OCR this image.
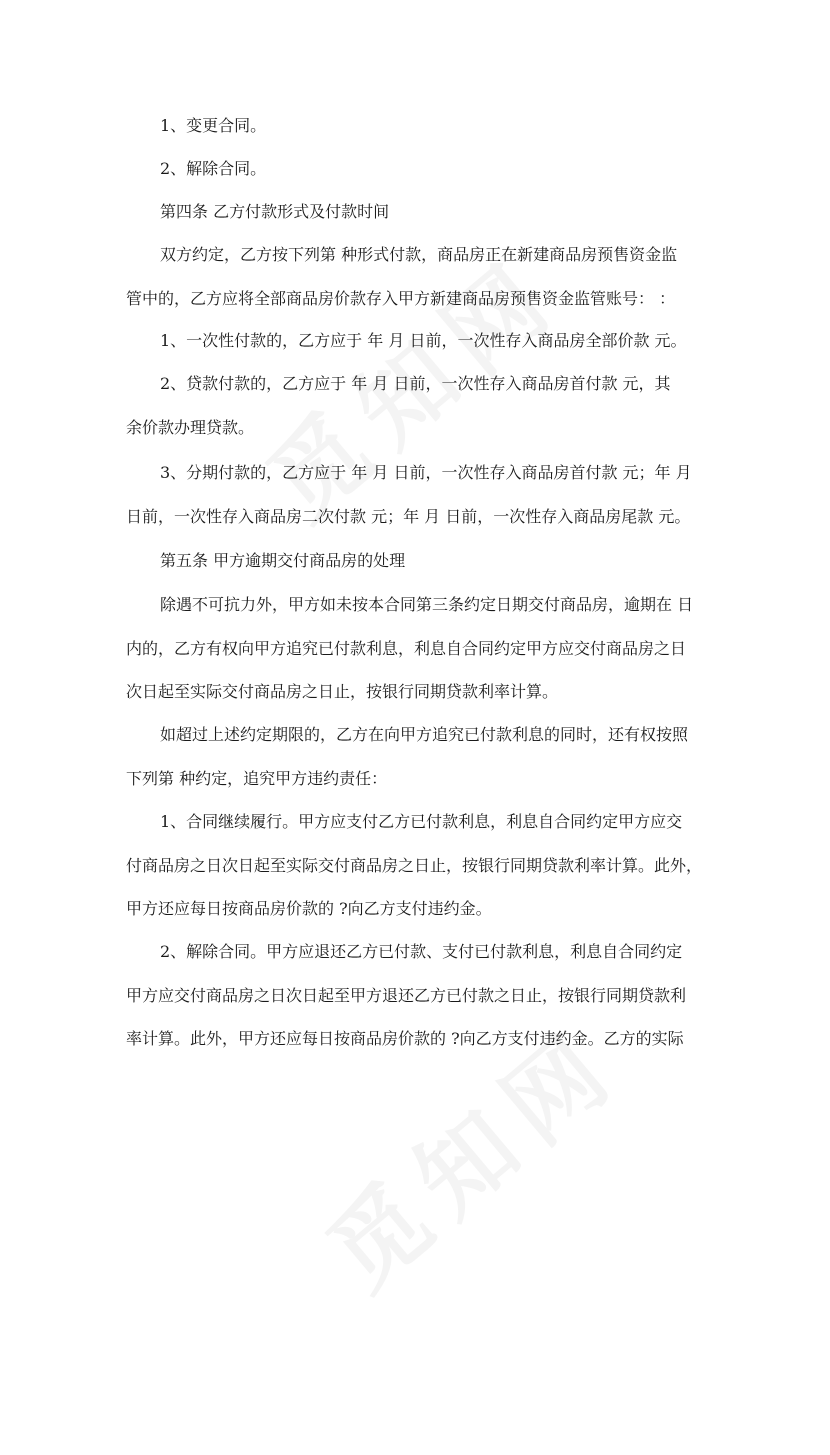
1、变更合同。
2、解除合同。
第四条 乙方付款形式及付款时间
双方约定，乙方按下列第 种形式付款，商品房正在新建商品房预售资金监
管中的，乙方应将全部商品房价款存入甲方新建商品房预售资金监管账号： ：
1、一次性付款的，乙方应于 年 月 日前，一次性存入商品房全部价款 元。
2、贷款付款的，乙方应于 年 月 日前，一次性存入商品房首付款 元，其
余价款办理贷款。
3、分期付款的，乙方应于 年 月 日前，一次性存入商品房首付款 元；年 月
日前，一次性存入商品房二次付款 元；年 月 日前，一次性存入商品房尾款 元。
第五条 甲方逾期交付商品房的处理
除遇不可抗力外，甲方如未按本合同第三条约定日期交付商品房，逾期在 日
内的，乙方有权向甲方追究已付款利息，利息自合同约定甲方应交付商品房之日
次日起至实际交付商品房之日止，按银行同期贷款利率计算。
如超过上述约定期限的，乙方在向甲方追究已付款利息的同时，还有权按照
下列第 种约定，追究甲方违约责任：
1、合同继续履行。甲方应支付乙方已付款利息，利息自合同约定甲方应交
付商品房之日次日起至实际交付商品房之日止，按银行同期贷款利率计算。此外，
甲方还应每日按商品房价款的 ?向乙方支付违约金。
2、解除合同。甲方应退还乙方已付款、支付已付款利息，利息自合同约定
甲方应交付商品房之日次日起至甲方退还乙方已付款之日止，按银行同期贷款利
率计算。此外，甲方还应每日按商品房价款的 ?向乙方支付违约金。乙方的实际
